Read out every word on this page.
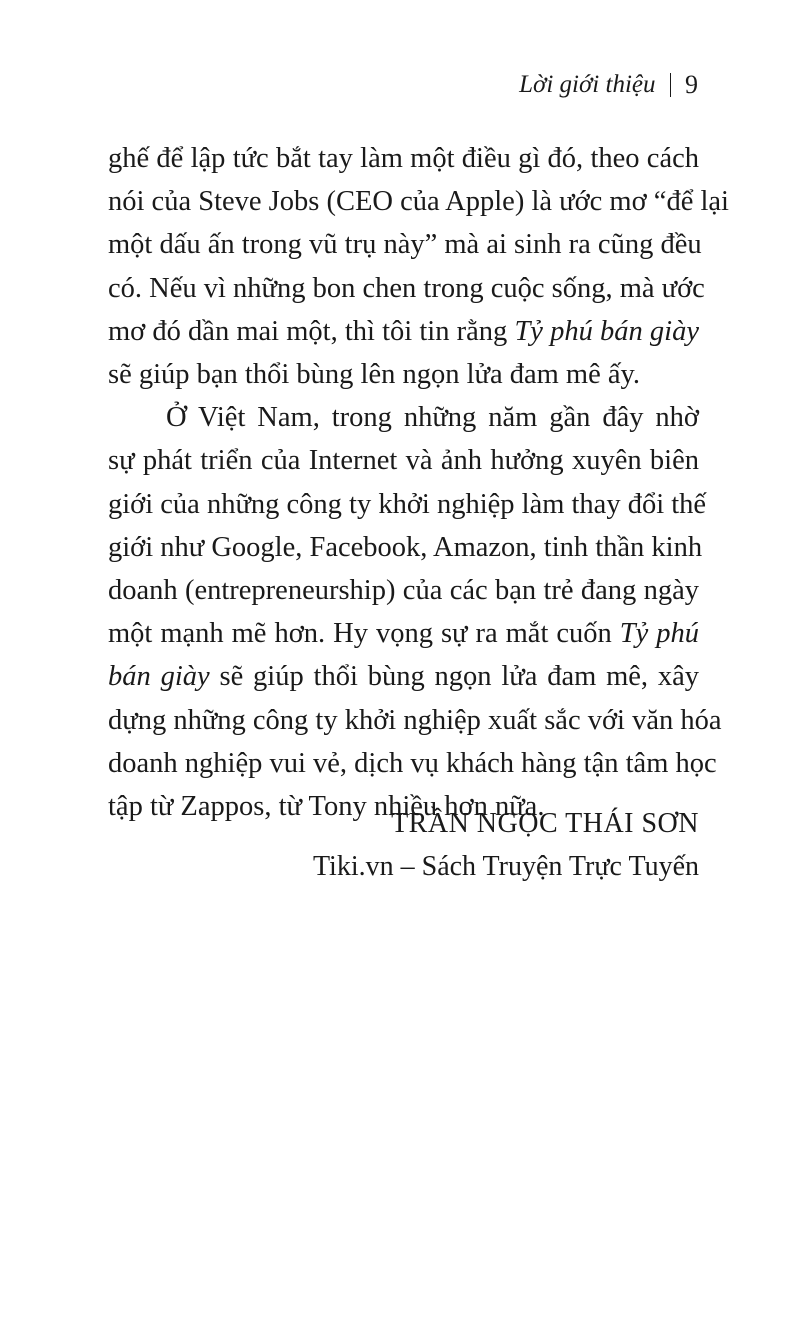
Lời giới thiệu 9

ghế để lập tức bắt tay làm một điều gì đó, theo cách
nói của Steve Jobs (CEO của Apple) là ước mơ “để lại
một dấu ấn trong vũ trụ này” mà ai sinh ra cũng đều
có. Nếu vì những bon chen trong cuộc sống, mà ước
mơ đó dần mai một, thì tôi tin rằng Tỷ phú bán giày
sẽ giúp bạn thổi bùng lên ngọn lửa đam mê ấy.

Ở Việt Nam, trong những năm gần đây nhờ
sự phát triển của Internet và ảnh hưởng xuyên biên
giới của những công ty khởi nghiệp làm thay đổi thế
giới như Google, Facebook, Amazon, tinh thần kinh
doanh (entrepreneurship) của các bạn trẻ đang ngày
một mạnh mẽ hơn. Hy vọng sự ra mắt cuốn Tỷ phú
bán giày sẽ giúp thổi bùng ngọn lửa đam mê, xây
dựng những công ty khởi nghiệp xuất sắc với văn hóa
doanh nghiệp vui vẻ, dịch vụ khách hàng tận tâm học
tập từ Zappos, từ Tony nhiều hơn nữa.

TRẦN NGỌC THÁI SƠN
Tiki.vn – Sách Truyện Trực Tuyến
